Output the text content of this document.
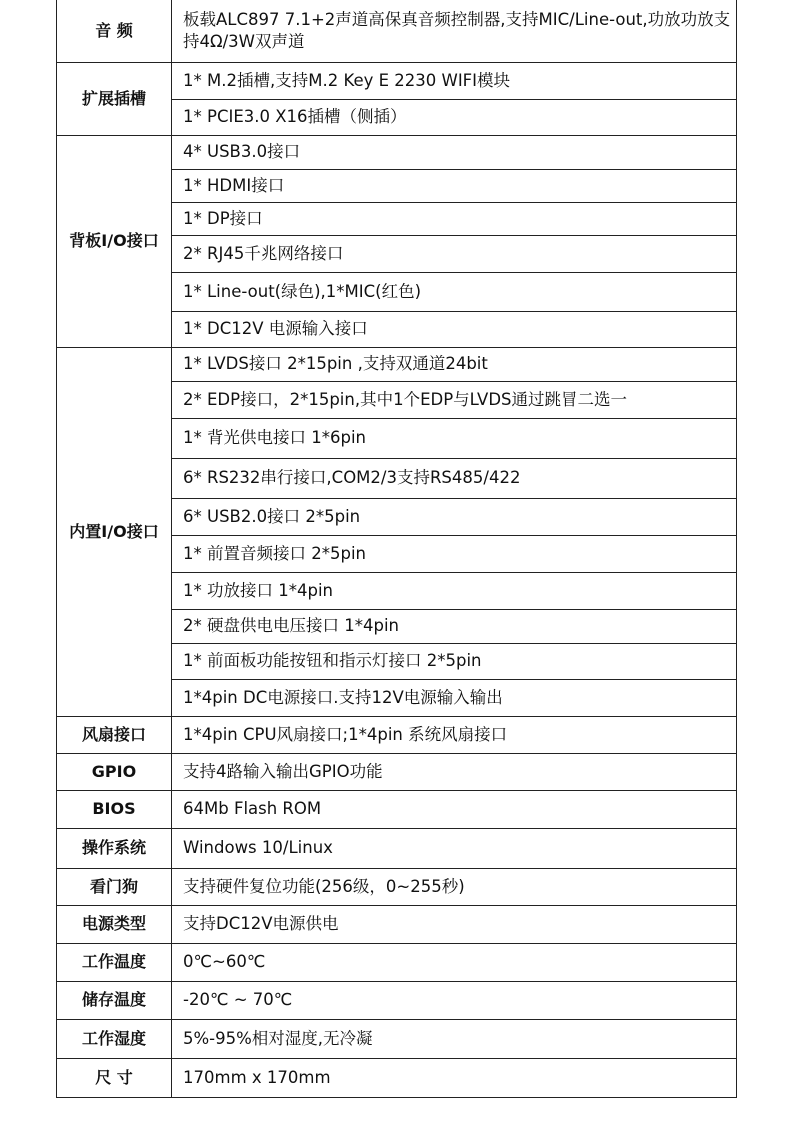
音 频	板载ALC897 7.1+2声道高保真音频控制器,支持MIC/Line-out,功放功放支持4Ω/3W双声道
扩展插槽	1* M.2插槽,支持M.2 Key E 2230 WIFI模块
	1* PCIE3.0 X16插槽（侧插）
背板I/O接口	4* USB3.0接口
	1* HDMI接口
	1* DP接口
	2* RJ45千兆网络接口
	1* Line-out(绿色),1*MIC(红色)
	1* DC12V 电源输入接口
内置I/O接口	1* LVDS接口 2*15pin ,支持双通道24bit
	2* EDP接口，2*15pin,其中1个EDP与LVDS通过跳冒二选一
	1* 背光供电接口 1*6pin
	6* RS232串行接口,COM2/3支持RS485/422
	6* USB2.0接口 2*5pin
	1* 前置音频接口 2*5pin
	1* 功放接口 1*4pin
	2* 硬盘供电电压接口 1*4pin
	1* 前面板功能按钮和指示灯接口 2*5pin
	1*4pin DC电源接口.支持12V电源输入输出
风扇接口	1*4pin CPU风扇接口;1*4pin 系统风扇接口
GPIO	支持4路输入输出GPIO功能
BIOS	64Mb Flash ROM
操作系统	Windows 10/Linux
看门狗	支持硬件复位功能(256级，0~255秒)
电源类型	支持DC12V电源供电
工作温度	0℃~60℃
储存温度	-20℃ ~ 70℃
工作湿度	5%-95%相对湿度,无冷凝
尺 寸	170mm x 170mm
